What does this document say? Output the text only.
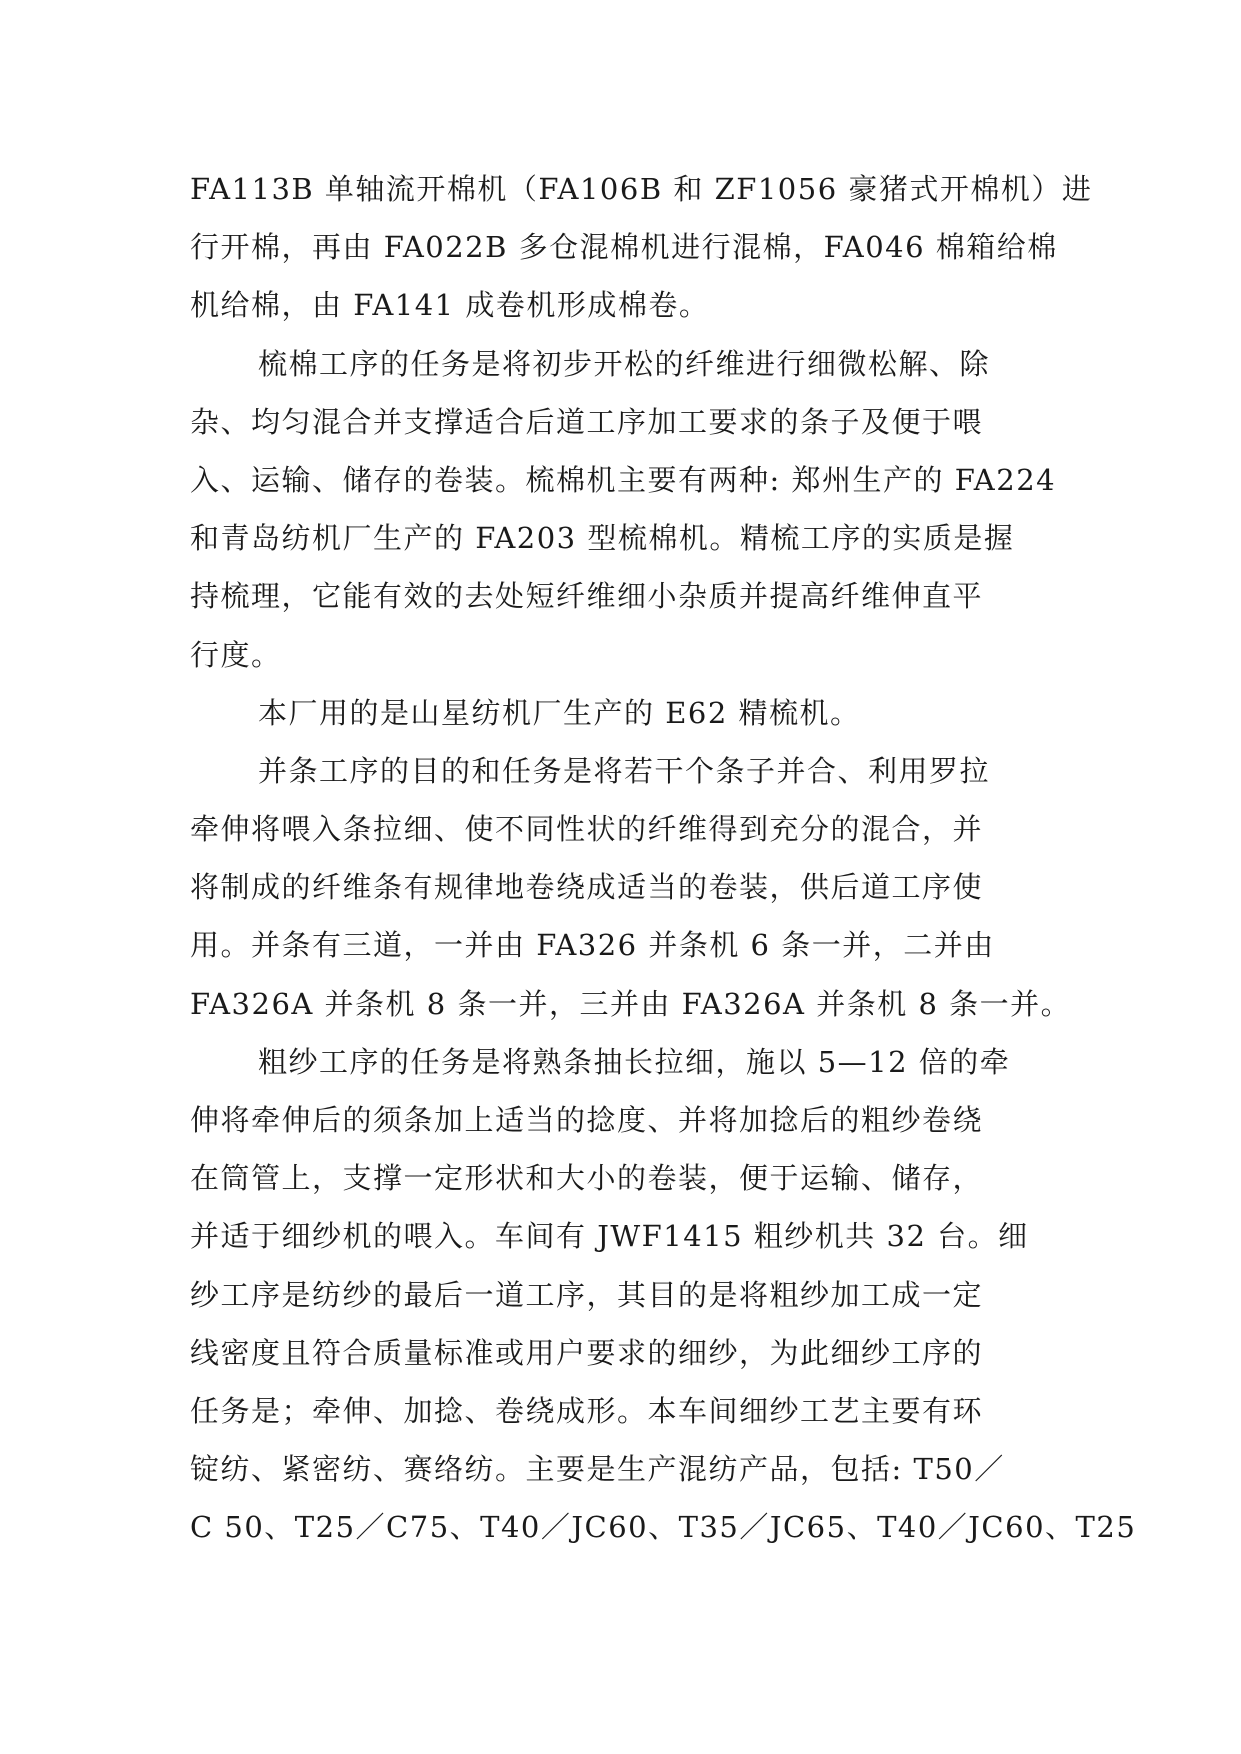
FA113B 单轴流开棉机（FA106B 和 ZF1056 豪猪式开棉机）进
行开棉，再由 FA022B 多仓混棉机进行混棉，FA046 棉箱给棉
机给棉，由 FA141 成卷机形成棉卷。
梳棉工序的任务是将初步开松的纤维进行细微松解、除
杂、均匀混合并支撑适合后道工序加工要求的条子及便于喂
入、运输、储存的卷装。梳棉机主要有两种: 郑州生产的 FA224
和青岛纺机厂生产的 FA203 型梳棉机。精梳工序的实质是握
持梳理，它能有效的去处短纤维细小杂质并提高纤维伸直平
行度。
本厂用的是山星纺机厂生产的 E62 精梳机。
并条工序的目的和任务是将若干个条子并合、利用罗拉
牵伸将喂入条拉细、使不同性状的纤维得到充分的混合，并
将制成的纤维条有规律地卷绕成适当的卷装，供后道工序使
用。并条有三道，一并由 FA326 并条机 6 条一并，二并由
FA326A 并条机 8 条一并，三并由 FA326A 并条机 8 条一并。
粗纱工序的任务是将熟条抽长拉细，施以 5—12 倍的牵
伸将牵伸后的须条加上适当的捻度、并将加捻后的粗纱卷绕
在筒管上，支撑一定形状和大小的卷装，便于运输、储存，
并适于细纱机的喂入。车间有 JWF1415 粗纱机共 32 台。细
纱工序是纺纱的最后一道工序，其目的是将粗纱加工成一定
线密度且符合质量标准或用户要求的细纱，为此细纱工序的
任务是；牵伸、加捻、卷绕成形。本车间细纱工艺主要有环
锭纺、紧密纺、赛络纺。主要是生产混纺产品，包括: T50／
C 50、T25／C75、T40／JC60、T35／JC65、T40／JC60、T25
